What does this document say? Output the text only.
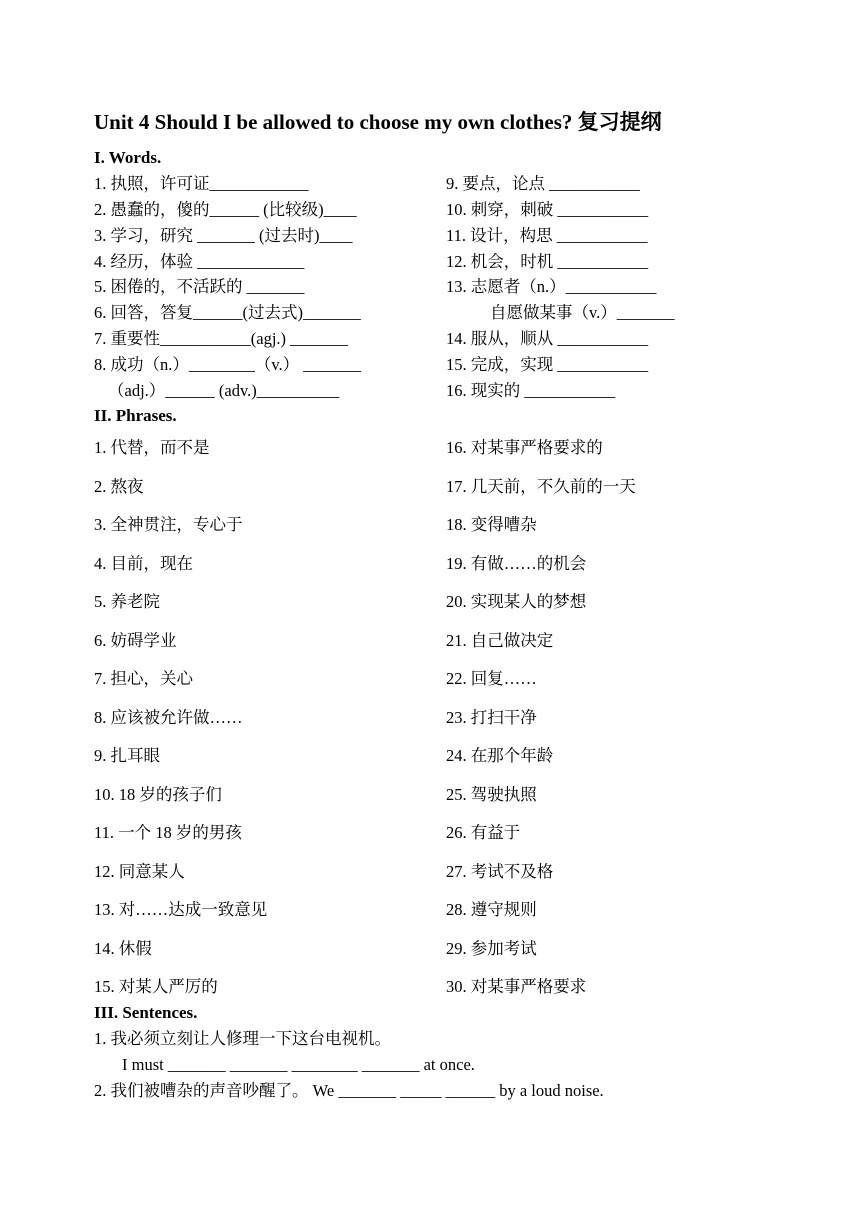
Unit 4 Should I be allowed to choose my own clothes? 复习提纲
I. Words.
1. 执照，许可证____________
2. 愚蠢的，傻的______ (比较级)____
3. 学习，研究 _______ (过去时)____
4. 经历，体验 _____________
5. 困倦的，不活跃的 _______
6. 回答，答复______(过去式)_______
7. 重要性___________(agj.) _______
8. 成功（n.）________（v.） _______
（adj.）______ (adv.)__________
9. 要点，论点 ___________
10. 刺穿，刺破 ___________
11. 设计，构思 ___________
12. 机会，时机 ___________
13. 志愿者（n.）___________
自愿做某事（v.）_______
14. 服从，顺从 ___________
15. 完成，实现 ___________
16. 现实的 ___________
II. Phrases.
1. 代替，而不是
2. 熬夜
3. 全神贯注，专心于
4. 目前，现在
5. 养老院
6. 妨碍学业
7. 担心，关心
8. 应该被允许做……
9. 扎耳眼
10. 18 岁的孩子们
11. 一个 18 岁的男孩
12. 同意某人
13. 对……达成一致意见
14. 休假
15. 对某人严厉的
16. 对某事严格要求的
17. 几天前，不久前的一天
18. 变得嘈杂
19. 有做……的机会
20. 实现某人的梦想
21. 自己做决定
22. 回复……
23. 打扫干净
24. 在那个年龄
25. 驾驶执照
26. 有益于
27. 考试不及格
28. 遵守规则
29. 参加考试
30. 对某事严格要求
III. Sentences.
1. 我必须立刻让人修理一下这台电视机。
I must _______ _______ ________ _______ at once.
2. 我们被嘈杂的声音吵醒了。 We _______ _____ ______ by a loud noise.
